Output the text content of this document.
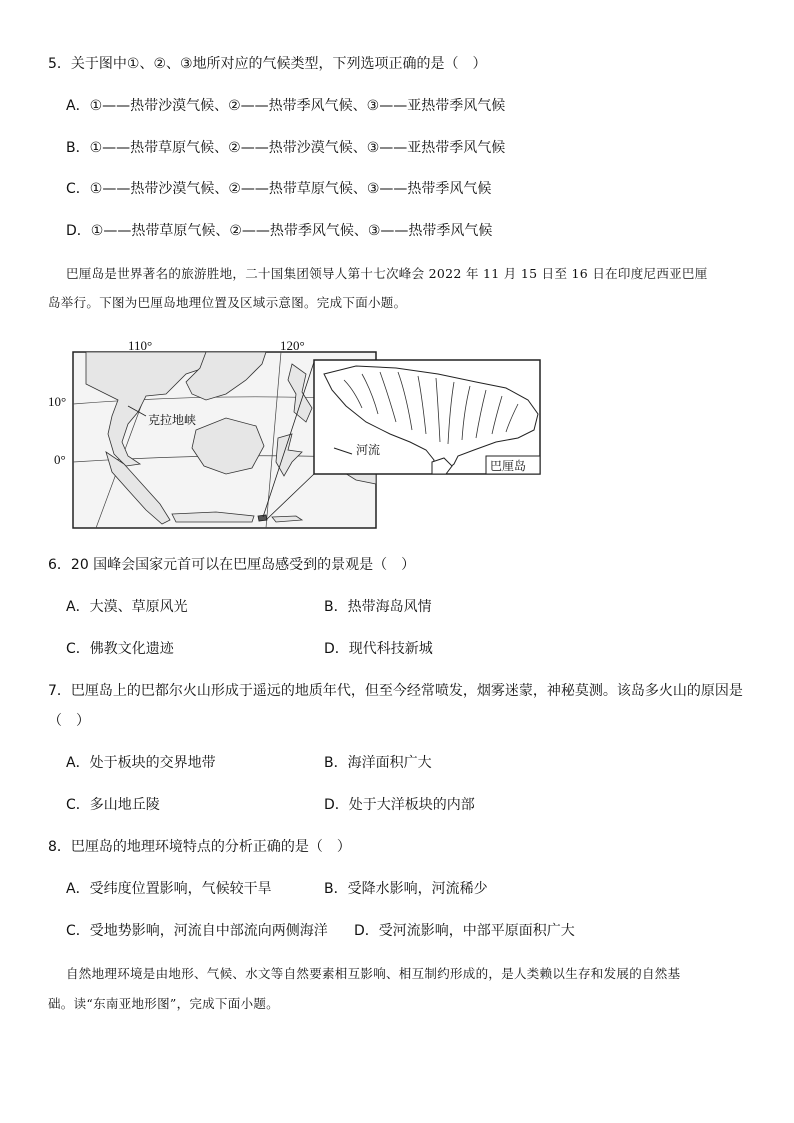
5．关于图中①、②、③地所对应的气候类型，下列选项正确的是（　）
A．①——热带沙漠气候、②——热带季风气候、③——亚热带季风气候
B．①——热带草原气候、②——热带沙漠气候、③——亚热带季风气候
C．①——热带沙漠气候、②——热带草原气候、③——热带季风气候
D．①——热带草原气候、②——热带季风气候、③——热带季风气候
巴厘岛是世界著名的旅游胜地，二十国集团领导人第十七次峰会 2022 年 11 月 15 日至 16 日在印度尼西亚巴厘
岛举行。下图为巴厘岛地理位置及区域示意图。完成下面小题。
克拉地峡
110°	120°
10°
0°
河流
巴厘岛
6．20 国峰会国家元首可以在巴厘岛感受到的景观是（　）
A．大漠、草原风光	B．热带海岛风情
C．佛教文化遗迹	D．现代科技新城
7．巴厘岛上的巴都尔火山形成于遥远的地质年代，但至今经常喷发，烟雾迷蒙，神秘莫测。该岛多火山的原因是
（　）
A．处于板块的交界地带	B．海洋面积广大
C．多山地丘陵	D．处于大洋板块的内部
8．巴厘岛的地理环境特点的分析正确的是（　）
A．受纬度位置影响，气候较干旱	B．受降水影响，河流稀少
C．受地势影响，河流自中部流向两侧海洋 D．受河流影响，中部平原面积广大
自然地理环境是由地形、气候、水文等自然要素相互影响、相互制约形成的，是人类赖以生存和发展的自然基
础。读“东南亚地形图”，完成下面小题。
